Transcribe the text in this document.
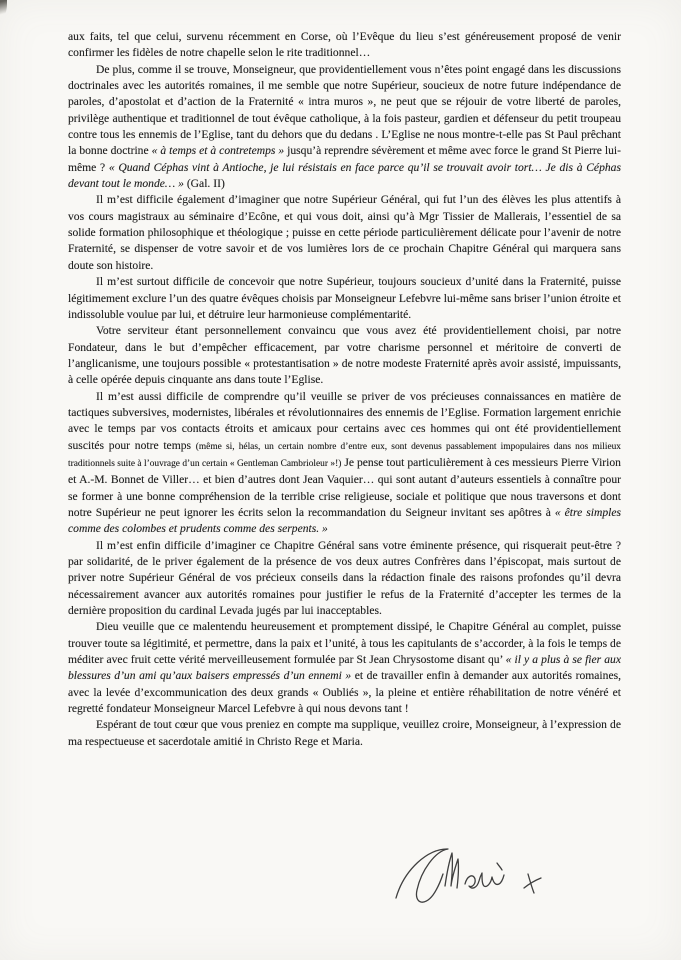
aux faits, tel que celui, survenu récemment en Corse, où l’Evêque du lieu s’est généreusement proposé de venir confirmer les fidèles de notre chapelle selon le rite traditionnel…

De plus, comme il se trouve, Monseigneur, que providentiellement vous n’êtes point engagé dans les discussions doctrinales avec les autorités romaines, il me semble que notre Supérieur, soucieux de notre future indépendance de paroles, d’apostolat et d’action de la Fraternité « intra muros », ne peut que se réjouir de votre liberté de paroles, privilège authentique et traditionnel de tout évêque catholique, à la fois pasteur, gardien et défenseur du petit troupeau contre tous les ennemis de l’Eglise, tant du dehors que du dedans . L’Eglise ne nous montre-t-elle pas St Paul prêchant la bonne doctrine « à temps et à contretemps » jusqu’à reprendre sévèrement et même avec force le grand St Pierre lui-même ? « Quand Céphas vint à Antioche, je lui résistais en face parce qu’il se trouvait avoir tort… Je dis à Céphas devant tout le monde… » (Gal. II)

Il m’est difficile également d’imaginer que notre Supérieur Général, qui fut l’un des élèves les plus attentifs à vos cours magistraux au séminaire d’Ecône, et qui vous doit, ainsi qu’à Mgr Tissier de Mallerais, l’essentiel de sa solide formation philosophique et théologique ; puisse en cette période particulièrement délicate pour l’avenir de notre Fraternité, se dispenser de votre savoir et de vos lumières lors de ce prochain Chapitre Général qui marquera sans doute son histoire.

Il m’est surtout difficile de concevoir que notre Supérieur, toujours soucieux d’unité dans la Fraternité, puisse légitimement exclure l’un des quatre évêques choisis par Monseigneur Lefebvre lui-même sans briser l’union étroite et indissoluble voulue par lui, et détruire leur harmonieuse complémentarité.

Votre serviteur étant personnellement convaincu que vous avez été providentiellement choisi, par notre Fondateur, dans le but d’empêcher efficacement, par votre charisme personnel et méritoire de converti de l’anglicanisme, une toujours possible « protestantisation » de notre modeste Fraternité après avoir assisté, impuissants, à celle opérée depuis cinquante ans dans toute l’Eglise.

Il m’est aussi difficile de comprendre qu’il veuille se priver de vos précieuses connaissances en matière de tactiques subversives, modernistes, libérales et révolutionnaires des ennemis de l’Eglise. Formation largement enrichie avec le temps par vos contacts étroits et amicaux pour certains avec ces hommes qui ont été providentiellement suscités pour notre temps (même si, hélas, un certain nombre d’entre eux, sont devenus passablement impopulaires dans nos milieux traditionnels suite à l’ouvrage d’un certain « Gentleman Cambrioleur »!) Je pense tout particulièrement à ces messieurs Pierre Virion et A.-M. Bonnet de Viller… et bien d’autres dont Jean Vaquier… qui sont autant d’auteurs essentiels à connaître pour se former à une bonne compréhension de la terrible crise religieuse, sociale et politique que nous traversons et dont notre Supérieur ne peut ignorer les écrits selon la recommandation du Seigneur invitant ses apôtres à « être simples comme des colombes et prudents comme des serpents. »

Il m’est enfin difficile d’imaginer ce Chapitre Général sans votre éminente présence, qui risquerait peut-être ? par solidarité, de le priver également de la présence de vos deux autres Confrères dans l’épiscopat, mais surtout de priver notre Supérieur Général de vos précieux conseils dans la rédaction finale des raisons profondes qu’il devra nécessairement avancer aux autorités romaines pour justifier le refus de la Fraternité d’accepter les termes de la dernière proposition du cardinal Levada jugés par lui inacceptables.

Dieu veuille que ce malentendu heureusement et promptement dissipé, le Chapitre Général au complet, puisse trouver toute sa légitimité, et permettre, dans la paix et l’unité, à tous les capitulants de s’accorder, à la fois le temps de méditer avec fruit cette vérité merveilleusement formulée par St Jean Chrysostome disant qu’ « il y a plus à se fier aux blessures d’un ami qu’aux baisers empressés d’un ennemi » et de travailler enfin à demander aux autorités romaines, avec la levée d’excommunication des deux grands « Oubliés », la pleine et entière réhabilitation de notre vénéré et regretté fondateur Monseigneur Marcel Lefebvre à qui nous devons tant !

Espérant de tout cœur que vous preniez en compte ma supplique, veuillez croire, Monseigneur, à l’expression de ma respectueuse et sacerdotale amitié in Christo Rege et Maria.
